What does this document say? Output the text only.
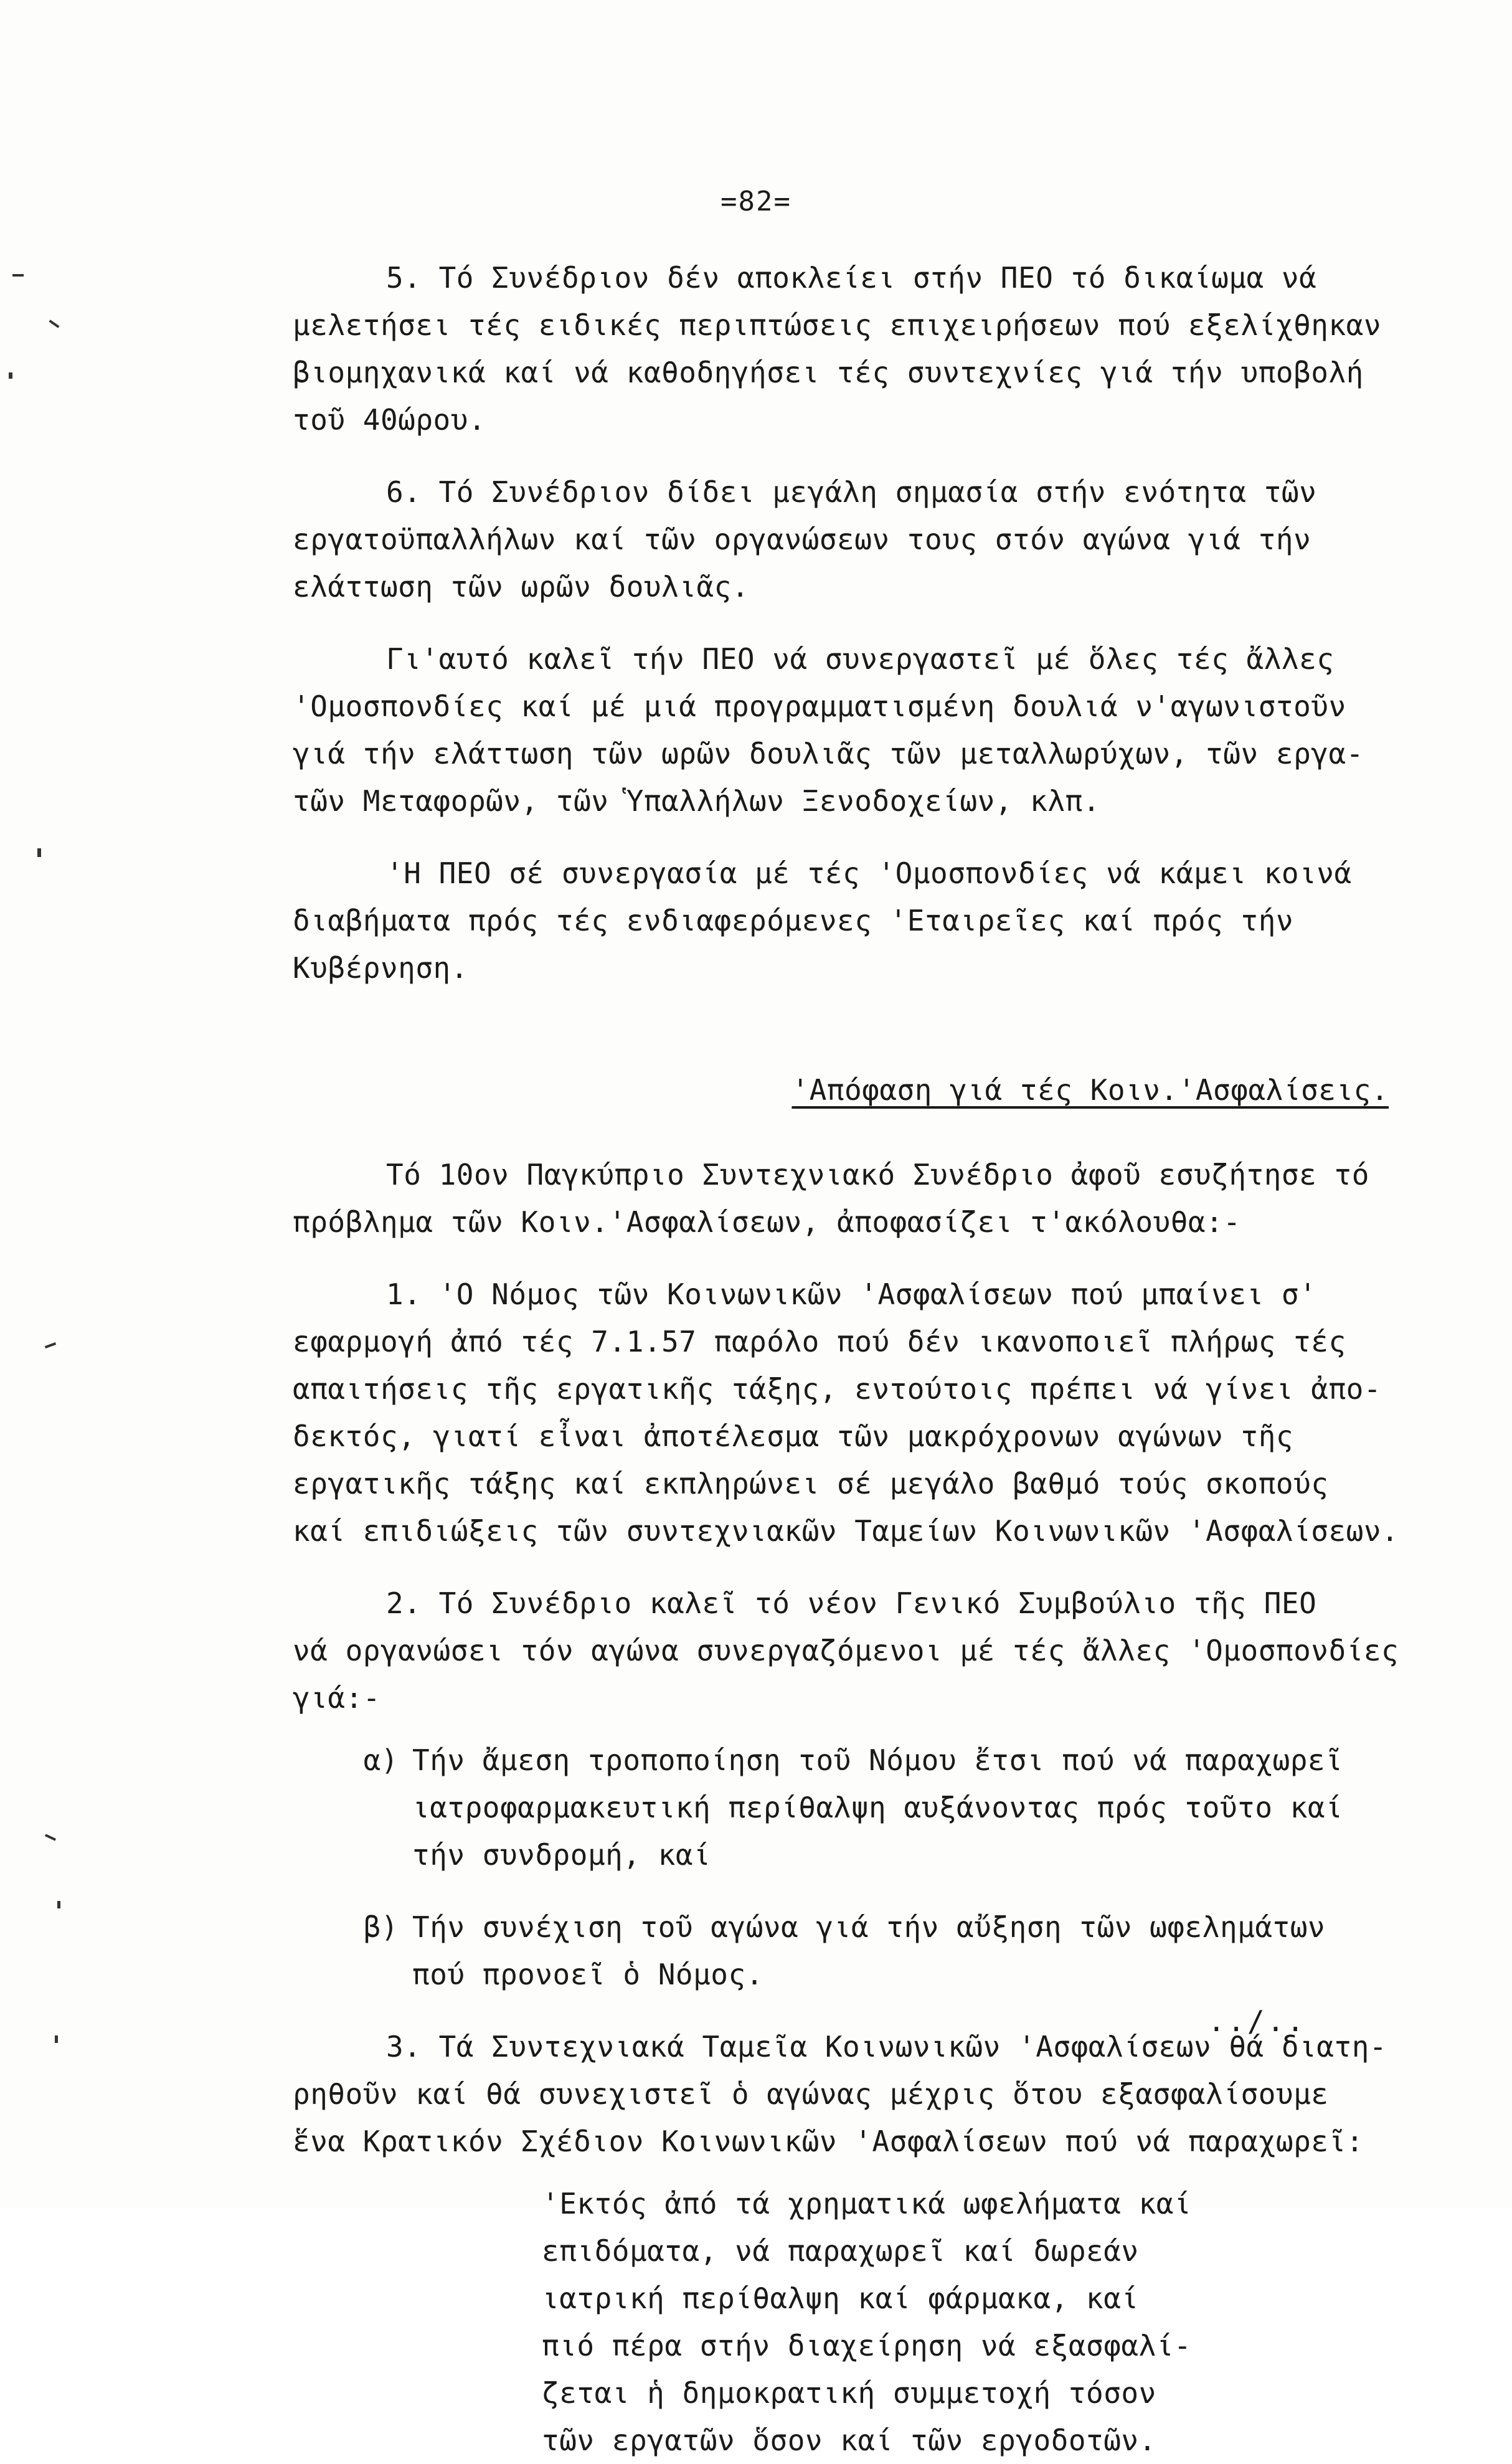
=82=
5. Τό Συνέδριον δέν αποκλείει στήν ΠΕΟ τό δικαίωμα νά
μελετήσει τές ειδικές περιπτώσεις επιχειρήσεων πού εξελίχθηκαν
βιομηχανικά καί νά καθοδηγήσει τές συντεχνίες γιά τήν υποβολή
τοῦ 40ώρου.
6. Τό Συνέδριον δίδει μεγάλη σημασία στήν ενότητα τῶν
εργατοϋπαλλήλων καί τῶν οργανώσεων τους στόν αγώνα γιά τήν
ελάττωση τῶν ωρῶν δουλιᾶς.
Γι'αυτό καλεῖ τήν ΠΕΟ νά συνεργαστεῖ μέ ὅλες τές ἄλλες
'Ομοσπονδίες καί μέ μιά προγραμματισμένη δουλιά ν'αγωνιστοῦν
γιά τήν ελάττωση τῶν ωρῶν δουλιᾶς τῶν μεταλλωρύχων, τῶν εργα-
τῶν Μεταφορῶν, τῶν Ὑπαλλήλων Ξενοδοχείων, κλπ.
'Η ΠΕΟ σέ συνεργασία μέ τές 'Ομοσπονδίες νά κάμει κοινά
διαβήματα πρός τές ενδιαφερόμενες 'Εταιρεῖες καί πρός τήν
Κυβέρνηση.
'Απόφαση γιά τές Κοιν.'Ασφαλίσεις.
Τό 10ον Παγκύπριο Συντεχνιακό Συνέδριο ἀφοῦ εσυζήτησε τό
πρόβλημα τῶν Κοιν.'Ασφαλίσεων, ἀποφασίζει τ'ακόλουθα:-
1. 'Ο Νόμος τῶν Κοινωνικῶν 'Ασφαλίσεων πού μπαίνει σ'
εφαρμογή ἀπό τές 7.1.57 παρόλο πού δέν ικανοποιεῖ πλήρως τές
απαιτήσεις τῆς εργατικῆς τάξης, εντούτοις πρέπει νά γίνει ἀπο-
δεκτός, γιατί εἶναι ἀποτέλεσμα τῶν μακρόχρονων αγώνων τῆς
εργατικῆς τάξης καί εκπληρώνει σέ μεγάλο βαθμό τούς σκοπούς
καί επιδιώξεις τῶν συντεχνιακῶν Ταμείων Κοινωνικῶν 'Ασφαλίσεων.
2. Τό Συνέδριο καλεῖ τό νέον Γενικό Συμβούλιο τῆς ΠΕΟ
νά οργανώσει τόν αγώνα συνεργαζόμενοι μέ τές ἄλλες 'Ομοσπονδίες
γιά:-
α) Τήν ἄμεση τροποποίηση τοῦ Νόμου ἔτσι πού νά παραχωρεῖ
ιατροφαρμακευτική περίθαλψη αυξάνοντας πρός τοῦτο καί
τήν συνδρομή, καί
β) Τήν συνέχιση τοῦ αγώνα γιά τήν αὔξηση τῶν ωφελημάτων
πού προνοεῖ ὁ Νόμος.
3. Τά Συντεχνιακά Ταμεῖα Κοινωνικῶν 'Ασφαλίσεων θά διατη-
ρηθοῦν καί θά συνεχιστεῖ ὁ αγώνας μέχρις ὅτου εξασφαλίσουμε
ἕνα Κρατικόν Σχέδιον Κοινωνικῶν 'Ασφαλίσεων πού νά παραχωρεῖ:
'Εκτός ἀπό τά χρηματικά ωφελήματα καί
επιδόματα, νά παραχωρεῖ καί δωρεάν
ιατρική περίθαλψη καί φάρμακα, καί
πιό πέρα στήν διαχείρηση νά εξασφαλί-
ζεται ἡ δημοκρατική συμμετοχή τόσον
τῶν εργατῶν ὅσον καί τῶν εργοδοτῶν.
../..
